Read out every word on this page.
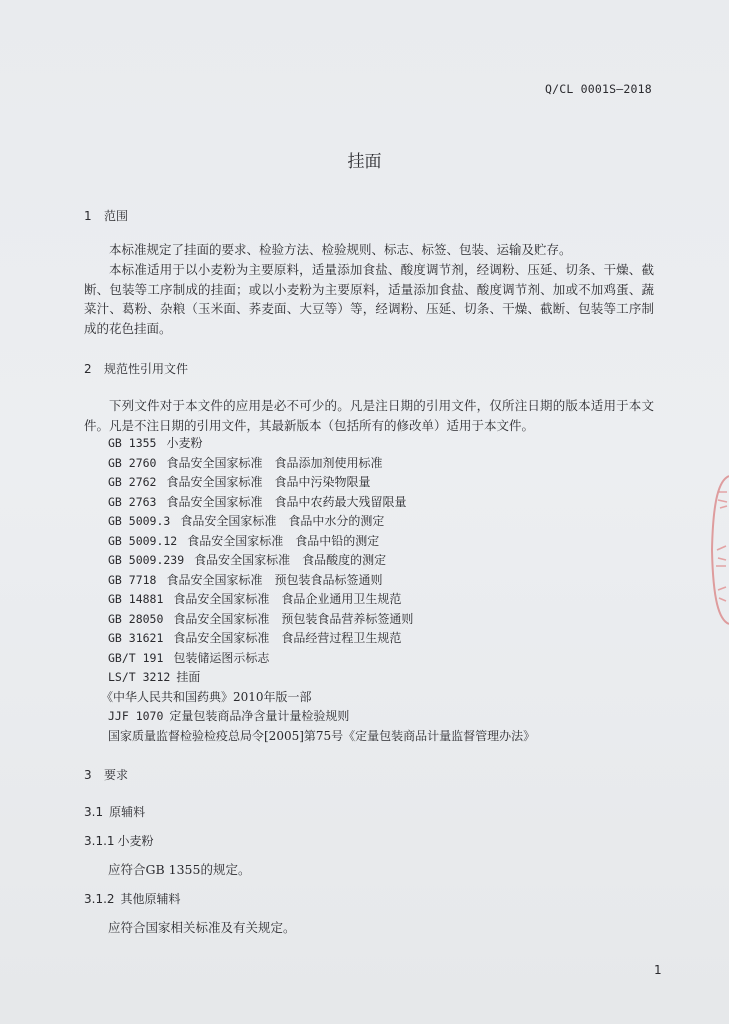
Q/CL 0001S—2018
挂面
1 范围
本标准规定了挂面的要求、检验方法、检验规则、标志、标签、包装、运输及贮存。
本标准适用于以小麦粉为主要原料，适量添加食盐、酸度调节剂，经调粉、压延、切条、干燥、截断、包装等工序制成的挂面；或以小麦粉为主要原料，适量添加食盐、酸度调节剂、加或不加鸡蛋、蔬菜汁、葛粉、杂粮（玉米面、荞麦面、大豆等）等，经调粉、压延、切条、干燥、截断、包装等工序制成的花色挂面。
2 规范性引用文件
下列文件对于本文件的应用是必不可少的。凡是注日期的引用文件，仅所注日期的版本适用于本文件。凡是不注日期的引用文件，其最新版本（包括所有的修改单）适用于本文件。
GB 1355 小麦粉
GB 2760 食品安全国家标准　食品添加剂使用标准
GB 2762 食品安全国家标准　食品中污染物限量
GB 2763 食品安全国家标准　食品中农药最大残留限量
GB 5009.3 食品安全国家标准　食品中水分的测定
GB 5009.12 食品安全国家标准　食品中铅的测定
GB 5009.239 食品安全国家标准　食品酸度的测定
GB 7718 食品安全国家标准　预包装食品标签通则
GB 14881 食品安全国家标准　食品企业通用卫生规范
GB 28050 食品安全国家标准　预包装食品营养标签通则
GB 31621 食品安全国家标准　食品经营过程卫生规范
GB/T 191 包装储运图示标志
LS/T 3212 挂面
《中华人民共和国药典》2010年版一部
JJF 1070 定量包装商品净含量计量检验规则
国家质量监督检验检疫总局令[2005]第75号《定量包装商品计量监督管理办法》
3 要求
3.1 原辅料
3.1.1 小麦粉
应符合GB 1355的规定。
3.1.2 其他原辅料
应符合国家相关标准及有关规定。
1
